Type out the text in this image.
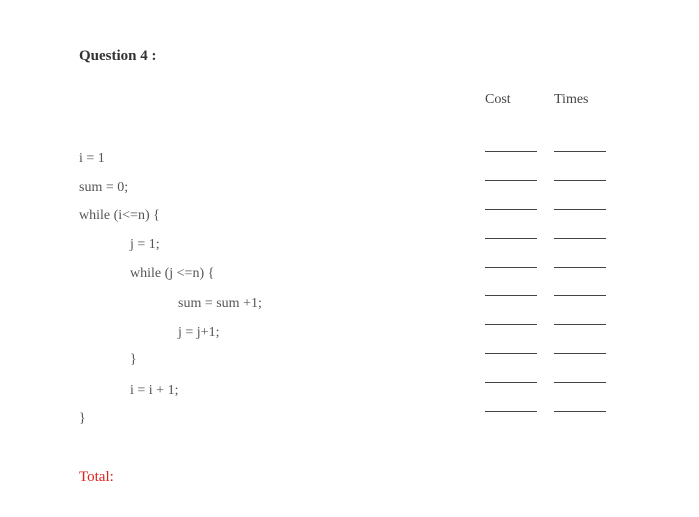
Question 4 :
Cost	Times
i = 1
sum = 0;
while (i<=n) {
j = 1;
while (j <=n) {
sum = sum +1;
j = j+1;
}
i = i + 1;
}
Total:
